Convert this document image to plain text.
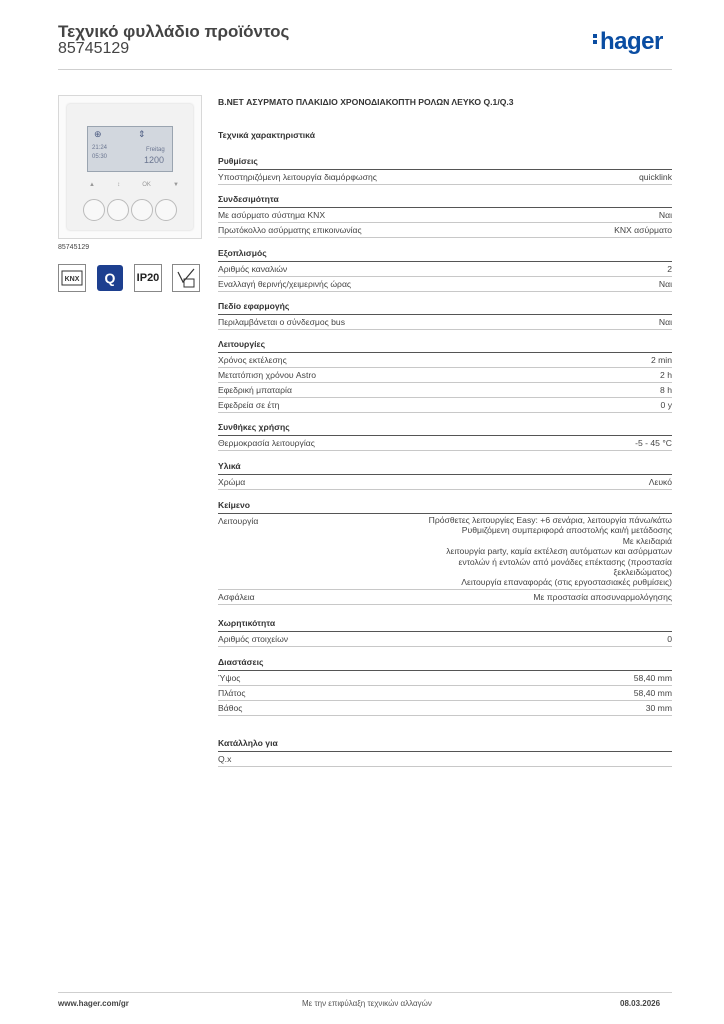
Τεχνικό φυλλάδιο προϊόντος
85745129	hager
⊕	⇕
21:24	Freitag
05:30	1200
▲	↕	OK	▼
85745129
KNX Q IP20
B.NET ΑΣΥΡΜΑΤΟ ΠΛΑΚΙΔΙΟ ΧΡΟΝΟΔΙΑΚΟΠΤΗ ΡΟΛΩΝ ΛΕΥΚΟ Q.1/Q.3
Τεχνικά χαρακτηριστικά
Ρυθμίσεις
Υποστηριζόμενη λειτουργία διαμόρφωσης	quicklink
Συνδεσιμότητα
Με ασύρματο σύστημα KNX	Ναι
Πρωτόκολλο ασύρματης επικοινωνίας	KNX ασύρματο
Εξοπλισμός
Αριθμός καναλιών	2
Εναλλαγή θερινής/χειμερινής ώρας	Ναι
Πεδίο εφαρμογής
Περιλαμβάνεται ο σύνδεσμος bus	Ναι
Λειτουργίες
Χρόνος εκτέλεσης	2 min
Μετατόπιση χρόνου Astro	2 h
Εφεδρική μπαταρία	8 h
Εφεδρεία σε έτη	0 y
Συνθήκες χρήσης
Θερμοκρασία λειτουργίας	-5 - 45 °C
Υλικά
Χρώμα	Λευκό
Κείμενο
Λειτουργία	Πρόσθετες λειτουργίες Easy: +6 σενάρια, λειτουργία πάνω/κάτω
Ρυθμιζόμενη συμπεριφορά αποστολής και/ή μετάδοσης
Με κλειδαριά
λειτουργία party, καμία εκτέλεση αυτόματων και ασύρματων
εντολών ή εντολών από μονάδες επέκτασης (προστασία
ξεκλειδώματος)
Λειτουργία επαναφοράς (στις εργοστασιακές ρυθμίσεις)
Ασφάλεια	Με προστασία αποσυναρμολόγησης
Χωρητικότητα
Αριθμός στοιχείων	0
Διαστάσεις
Ύψος	58,40 mm
Πλάτος	58,40 mm
Βάθος	30 mm
Κατάλληλο για
Q.x
www.hager.com/gr	Με την επιφύλαξη τεχνικών αλλαγών	08.03.2026
